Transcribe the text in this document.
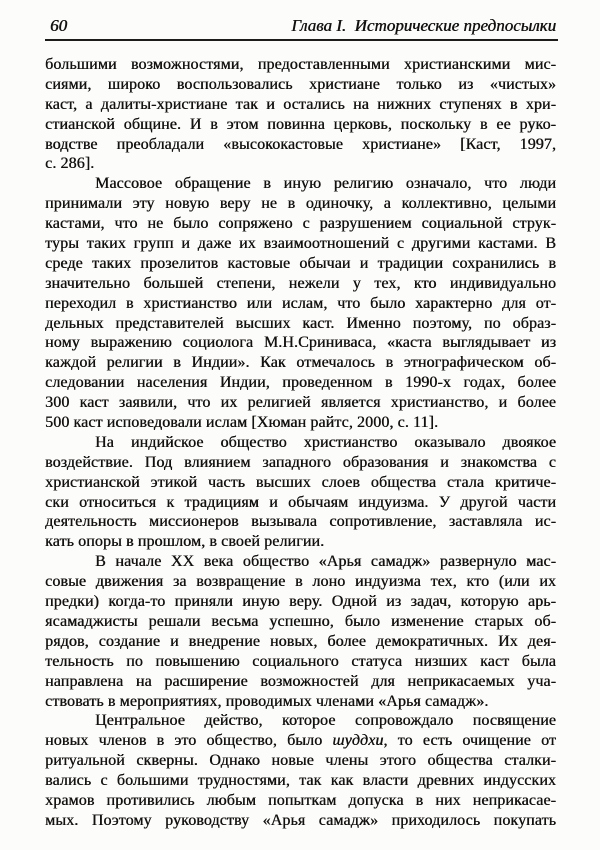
60	Глава I.  Исторические предпосылки
большими возможностями, предоставленными христианскими мис-
сиями, широко воспользовались христиане только из «чистых»
каст, а далиты-христиане так и остались на нижних ступенях в хри-
стианской общине. И в этом повинна церковь, поскольку в ее руко-
водстве преобладали «высококастовые христиане» [Каст, 1997,
с. 286].
Массовое обращение в иную религию означало, что люди
принимали эту новую веру не в одиночку, а коллективно, целыми
кастами, что не было сопряжено с разрушением социальной струк-
туры таких групп и даже их взаимоотношений с другими кастами. В
среде таких прозелитов кастовые обычаи и традиции сохранились в
значительно большей степени, нежели у тех, кто индивидуально
переходил в христианство или ислам, что было характерно для от-
дельных представителей высших каст. Именно поэтому, по образ-
ному выражению социолога М.Н.Сриниваса, «каста выглядывает из
каждой религии в Индии». Как отмечалось в этнографическом об-
следовании населения Индии, проведенном в 1990-х годах, более
300 каст заявили, что их религией является христианство, и более
500 каст исповедовали ислам [Хюман райтс, 2000, с. 11].
На индийское общество христианство оказывало двоякое
воздействие. Под влиянием западного образования и знакомства с
христианской этикой часть высших слоев общества стала критиче-
ски относиться к традициям и обычаям индуизма. У другой части
деятельность миссионеров вызывала сопротивление, заставляла ис-
кать опоры в прошлом, в своей религии.
В начале XX века общество «Арья самадж» развернуло мас-
совые движения за возвращение в лоно индуизма тех, кто (или их
предки) когда-то приняли иную веру. Одной из задач, которую арь-
ясамаджисты решали весьма успешно, было изменение старых об-
рядов, создание и внедрение новых, более демократичных. Их дея-
тельность по повышению социального статуса низших каст была
направлена на расширение возможностей для неприкасаемых уча-
ствовать в мероприятиях, проводимых членами «Арья самадж».
Центральное действо, которое сопровождало посвящение
новых членов в это общество, было шуддхи, то есть очищение от
ритуальной скверны. Однако новые члены этого общества сталки-
вались с большими трудностями, так как власти древних индусских
храмов противились любым попыткам допуска в них неприкасае-
мых. Поэтому руководству «Арья самадж» приходилось покупать
